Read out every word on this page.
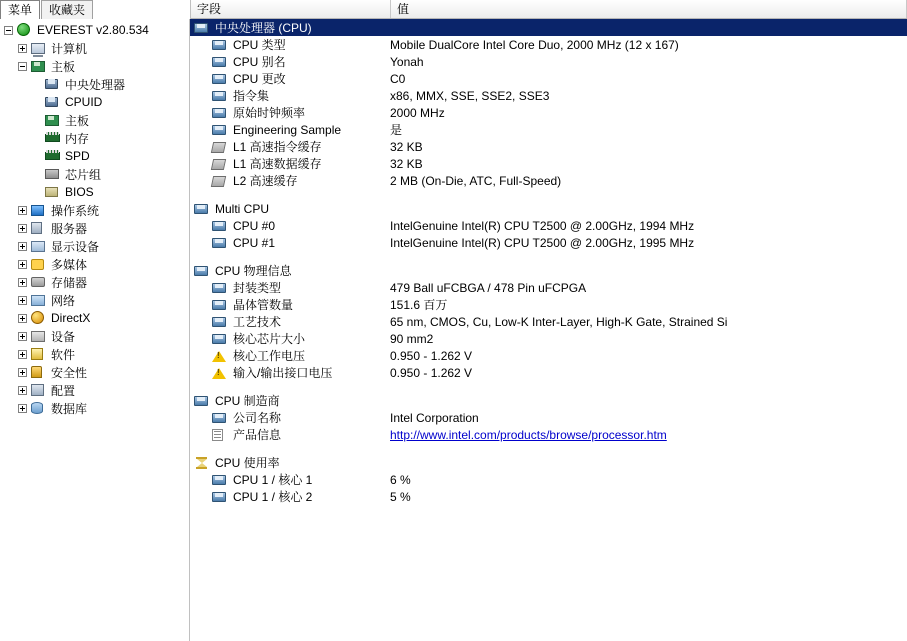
菜单	收藏夹	字段	值
EVEREST v2.80.534
计算机
主板
中央处理器
CPUID
主板
内存
SPD
芯片组
BIOS
操作系统
服务器
显示设备
多媒体
存储器
网络
DirectX
设备
软件
安全性
配置
数据库
中央处理器 (CPU)
CPU 类型	Mobile DualCore Intel Core Duo, 2000 MHz (12 x 167)
CPU 别名	Yonah
CPU 更改	C0
指令集	x86, MMX, SSE, SSE2, SSE3
原始时钟频率	2000 MHz
Engineering Sample	是
L1 高速指令缓存	32 KB
L1 高速数据缓存	32 KB
L2 高速缓存	2 MB (On-Die, ATC, Full-Speed)
Multi CPU
CPU #0	IntelGenuine Intel(R) CPU T2500 @ 2.00GHz, 1994 MHz
CPU #1	IntelGenuine Intel(R) CPU T2500 @ 2.00GHz, 1995 MHz
CPU 物理信息
封装类型	479 Ball uFCBGA / 478 Pin uFCPGA
晶体管数量	151.6 百万
工艺技术	65 nm, CMOS, Cu, Low-K Inter-Layer, High-K Gate, Strained Si
核心芯片大小	90 mm2
!
核心工作电压	0.950 - 1.262 V
!
输入/输出接口电压	0.950 - 1.262 V
CPU 制造商
公司名称	Intel Corporation
产品信息	http://www.intel.com/products/browse/processor.htm
CPU 使用率
CPU 1 / 核心 1	6 %
CPU 1 / 核心 2	5 %
